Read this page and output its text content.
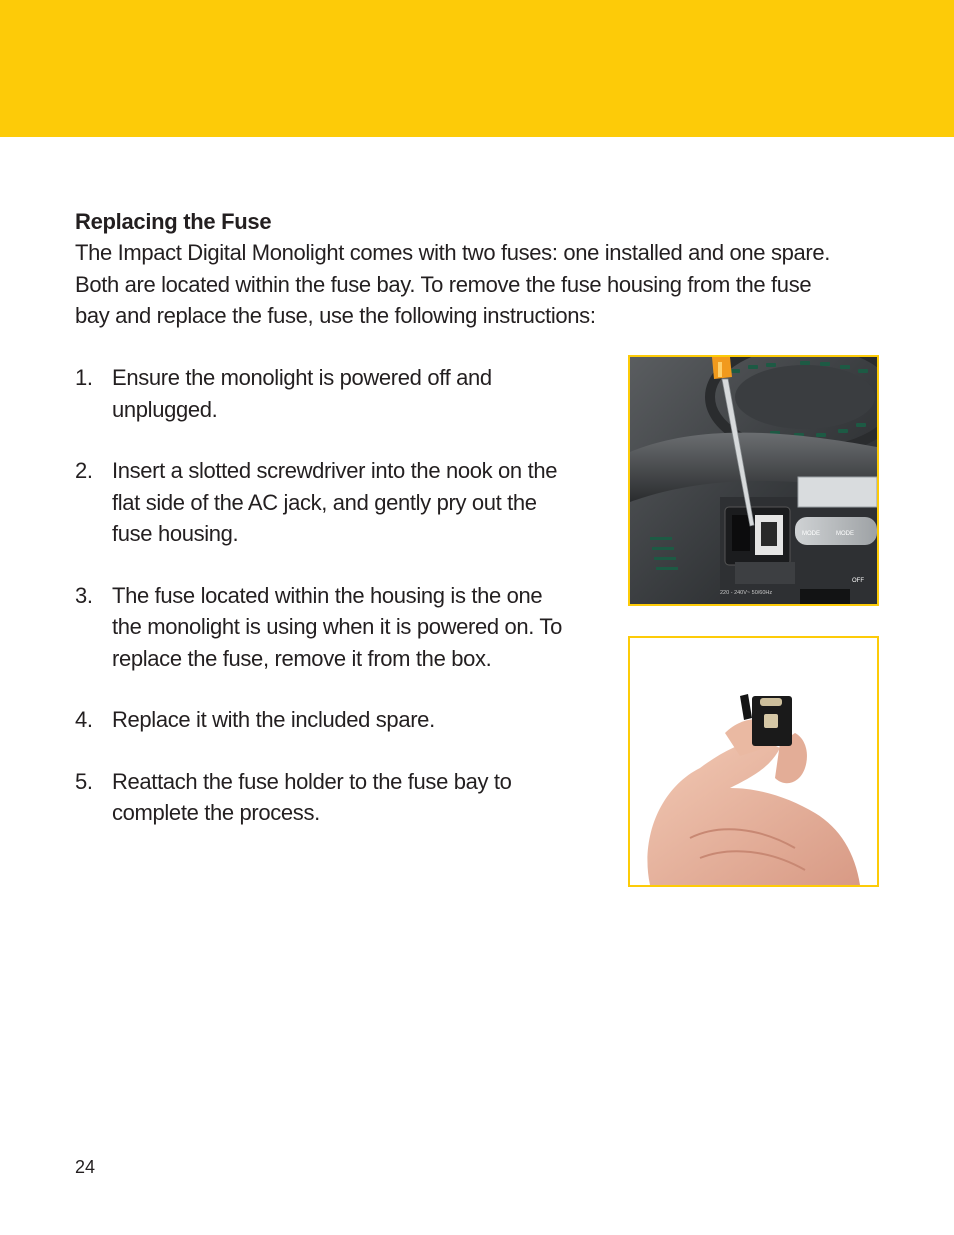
Replacing the Fuse
The Impact Digital Monolight comes with two fuses: one installed and one spare.
Both are located within the fuse bay. To remove the fuse housing from the fuse
bay and replace the fuse, use the following instructions:
1. Ensure the monolight is powered off and
unplugged.
2. Insert a slotted screwdriver into the nook on the
flat side of the AC jack, and gently pry out the
fuse housing.
3. The fuse located within the housing is the one
the monolight is using when it is powered on. To
replace the fuse, remove it from the box.
4. Replace it with the included spare.
5. Reattach the fuse holder to the fuse bay to
complete the process.
MODE	MODE
OFF
220 - 240V~ 50/60Hz
24
